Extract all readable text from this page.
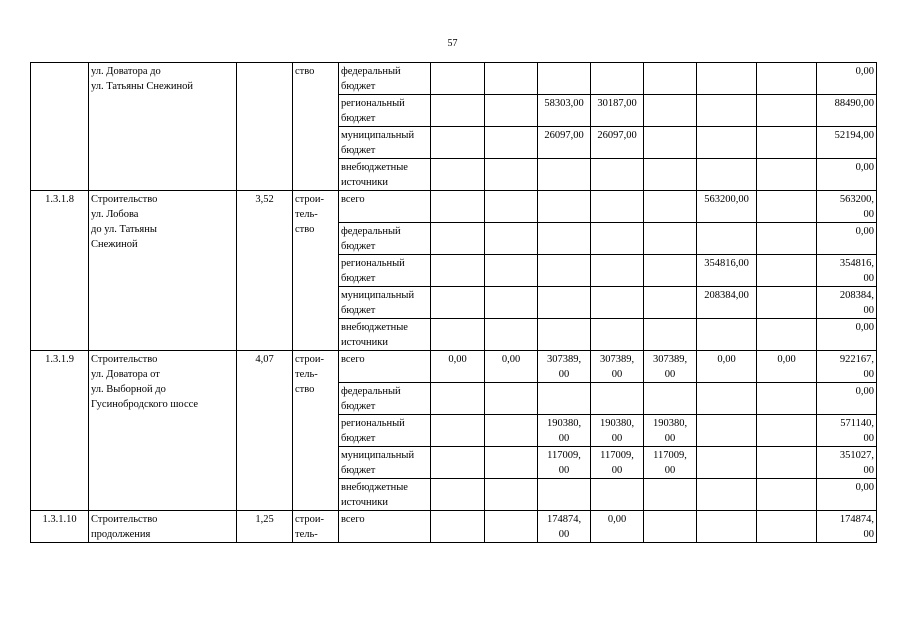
57
	ул. Доватора до
ул. Татьяны Снежиной		ство	федеральный
бюджет								0,00
				региональный
бюджет			58303,00	30187,00				88490,00
				муниципальный
бюджет			26097,00	26097,00				52194,00
				внебюджетные
источники								0,00
1.3.1.8	Строительство
ул. Лобова
до ул. Татьяны
Снежиной	3,52	строи-
тель-
ство	всего						563200,00		563200,
00
				федеральный
бюджет								0,00
				региональный
бюджет						354816,00		354816,
00
				муниципальный
бюджет						208384,00		208384,
00
				внебюджетные
источники								0,00
1.3.1.9	Строительство
ул. Доватора от
ул. Выборной до
Гусинобродского шоссе	4,07	строи-
тель-
ство	всего	0,00	0,00	307389,
00	307389,
00	307389,
00	0,00	0,00	922167,
00
				федеральный
бюджет								0,00
				региональный
бюджет			190380,
00	190380,
00	190380,
00			571140,
00
				муниципальный
бюджет			117009,
00	117009,
00	117009,
00			351027,
00
				внебюджетные
источники								0,00
1.3.1.10	Строительство
продолжения	1,25	строи-
тель-	всего			174874,
00	0,00				174874,
00
